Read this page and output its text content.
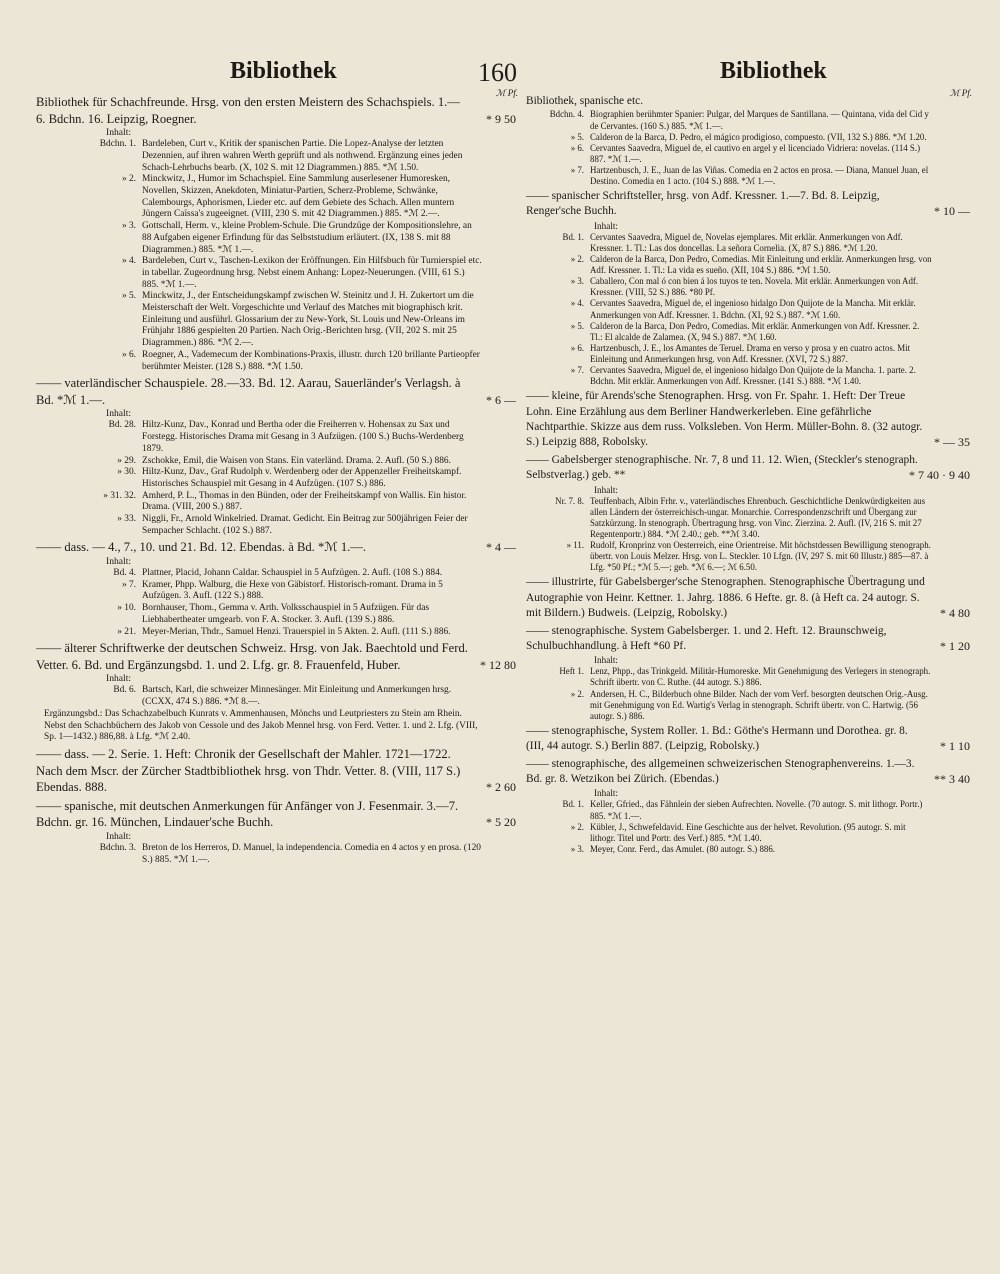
Bibliothek	160	Bibliothek
ℳ Pf.
Bibliothek für Schachfreunde. Hrsg. von den ersten Meistern des Schachspiels. 1.—6. Bdchn. 16. Leipzig, Roegner.	* 9 50
Inhalt:
Bdchn. 1. Bardeleben, Curt v., Kritik der spanischen Partie. Die Lopez-Analyse der letzten Dezennien, auf ihren wahren Werth geprüft und als nothwend. Ergänzung eines jeden Schach-Lehrbuchs bearb. (X, 102 S. mit 12 Diagrammen.) 885. *ℳ 1.50.
» 2. Minckwitz, J., Humor im Schachspiel. Eine Sammlung auserlesener Humoresken, Novellen, Skizzen, Anekdoten, Miniatur-Partien, Scherz-Probleme, Schwänke, Calembourgs, Aphorismen, Lieder etc. auf dem Gebiete des Schach. Allen muntern Jüngern Caïssa's zugeeignet. (VIII, 230 S. mit 42 Diagrammen.) 885. *ℳ 2.—.
» 3. Gottschall, Herm. v., kleine Problem-Schule. Die Grundzüge der Kompositionslehre, an 88 Aufgaben eigener Erfindung für das Selbststudium erläutert. (IX, 138 S. mit 88 Diagrammen.) 885. *ℳ 1.—.
» 4. Bardeleben, Curt v., Taschen-Lexikon der Eröffnungen. Ein Hilfsbuch für Turnierspiel etc. in tabellar. Zugeordnung hrsg. Nebst einem Anhang: Lopez-Neuerungen. (VIII, 61 S.) 885. *ℳ 1.—.
» 5. Minckwitz, J., der Entscheidungskampf zwischen W. Steinitz und J. H. Zukertort um die Meisterschaft der Welt. Vorgeschichte und Verlauf des Matches mit biographisch krit. Einleitung und ausführl. Glossarium der zu New-York, St. Louis und New-Orleans im Frühjahr 1886 gespielten 20 Partien. Nach Orig.-Berichten hrsg. (VII, 202 S. mit 25 Diagrammen.) 886. *ℳ 2.—.
» 6. Roegner, A., Vademecum der Kombinations-Praxis, illustr. durch 120 brillante Partieopfer berühmter Meister. (128 S.) 888. *ℳ 1.50.
—— vaterländischer Schauspiele. 28.—33. Bd. 12. Aarau, Sauerländer's Verlagsh. à Bd. *ℳ 1.—.	* 6 —
Inhalt:
Bd. 28. Hiltz-Kunz, Dav., Konrad und Bertha oder die Freiherren v. Hohensax zu Sax und Forstegg. Historisches Drama mit Gesang in 3 Aufzügen. (100 S.) Buchs-Werdenberg 1879.
» 29. Zschokke, Emil, die Waisen von Stans. Ein vaterländ. Drama. 2. Aufl. (50 S.) 886.
» 30. Hiltz-Kunz, Dav., Graf Rudolph v. Werdenberg oder der Appenzeller Freiheitskampf. Historisches Schauspiel mit Gesang in 4 Aufzügen. (107 S.) 886.
» 31. 32. Amherd, P. L., Thomas in den Bünden, oder der Freiheitskampf von Wallis. Ein histor. Drama. (VIII, 200 S.) 887.
» 33. Niggli, Fr., Arnold Winkelried. Dramat. Gedicht. Ein Beitrag zur 500jährigen Feier der Sempacher Schlacht. (102 S.) 887.
—— dass. — 4., 7., 10. und 21. Bd. 12. Ebendas. à Bd. *ℳ 1.—.	* 4 —
Inhalt:
Bd. 4. Plattner, Placid, Johann Caldar. Schauspiel in 5 Aufzügen. 2. Aufl. (108 S.) 884.
» 7. Kramer, Phpp. Walburg, die Hexe von Gäbistorf. Historisch-romant. Drama in 5 Aufzügen. 3. Aufl. (122 S.) 888.
» 10. Bornhauser, Thom., Gemma v. Arth. Volksschauspiel in 5 Aufzügen. Für das Liebhabertheater umgearb. von F. A. Stocker. 3. Aufl. (139 S.) 886.
» 21. Meyer-Merian, Thdr., Samuel Henzi. Trauerspiel in 5 Akten. 2. Aufl. (111 S.) 886.
—— älterer Schriftwerke der deutschen Schweiz. Hrsg. von Jak. Baechtold und Ferd. Vetter. 6. Bd. und Ergänzungsbd. 1. und 2. Lfg. gr. 8. Frauenfeld, Huber.	* 12 80
Inhalt:
Bd. 6. Bartsch, Karl, die schweizer Minnesänger. Mit Einleitung und Anmerkungen hrsg. (CCXX, 474 S.) 886. *ℳ 8.—.
Ergänzungsbd.: Das Schachzabelbuch Kunrats v. Ammenhausen, Mönchs und Leutpriesters zu Stein am Rhein. Nebst den Schachbüchern des Jakob von Cessole und des Jakob Mennel hrsg. von Ferd. Vetter. 1. und 2. Lfg. (VIII, Sp. 1—1432.) 886,88. à Lfg. *ℳ 2.40.
—— dass. — 2. Serie. 1. Heft: Chronik der Gesellschaft der Mahler. 1721—1722. Nach dem Mscr. der Zürcher Stadtbibliothek hrsg. von Thdr. Vetter. 8. (VIII, 117 S.) Ebendas. 888.	* 2 60
—— spanische, mit deutschen Anmerkungen für Anfänger von J. Fesenmair. 3.—7. Bdchn. gr. 16. München, Lindauer'sche Buchh.	* 5 20
Inhalt:
Bdchn. 3. Breton de los Herreros, D. Manuel, la independencia. Comedia en 4 actos y en prosa. (120 S.) 885. *ℳ 1.—.
ℳ Pf.
Bibliothek, spanische etc.
Bdchn. 4. Biographien berühmter Spanier: Pulgar, del Marques de Santillana. — Quintana, vida del Cid y de Cervantes. (160 S.) 885. *ℳ 1.—.
» 5. Calderon de la Barca, D. Pedro, el mágico prodigioso, compuesto. (VII, 132 S.) 886. *ℳ 1.20.
» 6. Cervantes Saavedra, Miguel de, el cautivo en argel y el licenciado Vidriera: novelas. (114 S.) 887. *ℳ 1.—.
» 7. Hartzenbusch, J. E., Juan de las Viñas. Comedia en 2 actos en prosa. — Diana, Manuel Juan, el Destino. Comedia en 1 acto. (104 S.) 888. *ℳ 1.—.
—— spanischer Schriftsteller, hrsg. von Adf. Kressner. 1.—7. Bd. 8. Leipzig, Renger'sche Buchh.	* 10 —
Inhalt:
Bd. 1. Cervantes Saavedra, Miguel de, Novelas ejemplares. Mit erklär. Anmerkungen von Adf. Kressner. 1. Tl.: Las dos doncellas. La señora Cornelia. (X, 87 S.) 886. *ℳ 1.20.
» 2. Calderon de la Barca, Don Pedro, Comedias. Mit Einleitung und erklär. Anmerkungen hrsg. von Adf. Kressner. 1. Tl.: La vida es sueño. (XII, 104 S.) 886. *ℳ 1.50.
» 3. Caballero, Con mal ó con bien á los tuyos te ten. Novela. Mit erklär. Anmerkungen von Adf. Kressner. (VIII, 52 S.) 886. *80 Pf.
» 4. Cervantes Saavedra, Miguel de, el ingenioso hidalgo Don Quijote de la Mancha. Mit erklär. Anmerkungen von Adf. Kressner. 1. Bdchn. (XI, 92 S.) 887. *ℳ 1.60.
» 5. Calderon de la Barca, Don Pedro, Comedias. Mit erklär. Anmerkungen von Adf. Kressner. 2. Tl.: El alcalde de Zalamea. (X, 94 S.) 887. *ℳ 1.60.
» 6. Hartzenbusch, J. E., los Amantes de Teruel. Drama en verso y prosa y en cuatro actos. Mit Einleitung und Anmerkungen hrsg. von Adf. Kressner. (XVI, 72 S.) 887.
» 7. Cervantes Saavedra, Miguel de, el ingenioso hidalgo Don Quijote de la Mancha. 1. parte. 2. Bdchn. Mit erklär. Anmerkungen von Adf. Kressner. (141 S.) 888. *ℳ 1.40.
—— kleine, für Arends'sche Stenographen. Hrsg. von Fr. Spahr. 1. Heft: Der Treue Lohn. Eine Erzählung aus dem Berliner Handwerkerleben. Eine gefährliche Nachtparthie. Skizze aus dem russ. Volksleben. Von Herm. Müller-Bohn. 8. (32 autogr. S.) Leipzig 888, Robolsky.	* — 35
—— Gabelsberger stenographische. Nr. 7, 8 und 11. 12. Wien, (Steckler's stenograph. Selbstverlag.) geb. **	* 7 40 · 9 40
Inhalt:
Nr. 7. 8. Teuffenbach, Albin Frhr. v., vaterländisches Ehrenbuch. Geschichtliche Denkwürdigkeiten aus allen Ländern der österreichisch-ungar. Monarchie. Correspondenzschrift und Übergang zur Satzkürzung. In stenograph. Übertragung hrsg. von Vinc. Zierzina. 2. Aufl. (IV, 216 S. mit 27 Regentenportr.) 884. *ℳ 2.40.; geb. **ℳ 3.40.
» 11. Rudolf, Kronprinz von Oesterreich, eine Orientreise. Mit höchstdessen Bewilligung stenograph. übertr. von Louis Melzer. Hrsg. von L. Steckler. 10 Lfgn. (IV, 297 S. mit 60 Illustr.) 885—87. à Lfg. *50 Pf.; *ℳ 5.—; geb. *ℳ 6.—; ℳ 6.50.
—— illustrirte, für Gabelsberger'sche Stenographen. Stenographische Übertragung und Autographie von Heinr. Kettner. 1. Jahrg. 1886. 6 Hefte. gr. 8. (à Heft ca. 24 autogr. S. mit Bildern.) Budweis. (Leipzig, Robolsky.)	* 4 80
—— stenographische. System Gabelsberger. 1. und 2. Heft. 12. Braunschweig, Schulbuchhandlung. à Heft *60 Pf.	* 1 20
Inhalt:
Heft 1. Lenz, Phpp., das Trinkgeld. Militär-Humoreske. Mit Genehmigung des Verlegers in stenograph. Schrift übertr. von C. Ruthe. (44 autogr. S.) 886.
» 2. Andersen, H. C., Bilderbuch ohne Bilder. Nach der vom Verf. besorgten deutschen Orig.-Ausg. mit Genehmigung von Ed. Wartig's Verlag in stenograph. Schrift übertr. von C. Hartwig. (56 autogr. S.) 886.
—— stenographische, System Roller. 1. Bd.: Göthe's Hermann und Dorothea. gr. 8. (III, 44 autogr. S.) Berlin 887. (Leipzig, Robolsky.)	* 1 10
—— stenographische, des allgemeinen schweizerischen Stenographenvereins. 1.—3. Bd. gr. 8. Wetzikon bei Zürich. (Ebendas.)	** 3 40
Inhalt:
Bd. 1. Keller, Gfried., das Fähnlein der sieben Aufrechten. Novelle. (70 autogr. S. mit lithogr. Portr.) 885. *ℳ 1.—.
» 2. Kübler, J., Schwefeldavid. Eine Geschichte aus der helvet. Revolution. (95 autogr. S. mit lithogr. Titel und Portr. des Verf.) 885. *ℳ 1.40.
» 3. Meyer, Conr. Ferd., das Amulet. (80 autogr. S.) 886.
